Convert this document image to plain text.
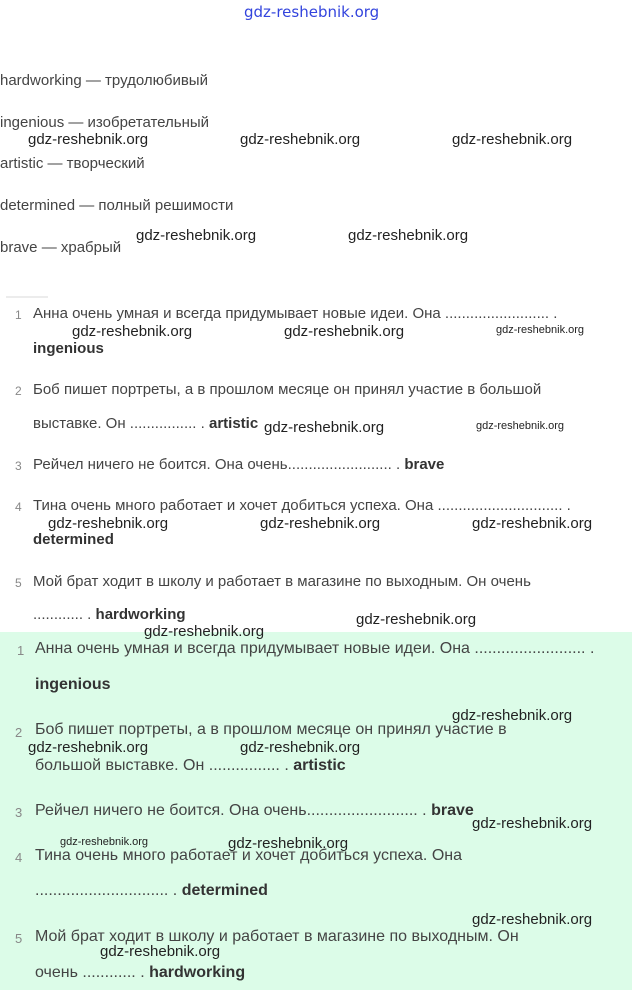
gdz-reshebnik.org
hardworking — трудолюбивый
ingenious — изобретательный
artistic — творческий
determined — полный решимости
brave — храбрый
1 Анна очень умная и всегда придумывает новые идеи. Она ......................... .
ingenious
2 Боб пишет портреты, а в прошлом месяце он принял участие в большой
выставке. Он ................ . artistic
3 Рейчел ничего не боится. Она очень......................... . brave
4 Тина очень много работает и хочет добиться успеха. Она .............................. .
determined
5 Мой брат ходит в школу и работает в магазине по выходным. Он очень
............ . hardworking
1 Анна очень умная и всегда придумывает новые идеи. Она ......................... .
ingenious
2 Боб пишет портреты, а в прошлом месяце он принял участие в
большой выставке. Он ................ . artistic
3 Рейчел ничего не боится. Она очень......................... . brave
4 Тина очень много работает и хочет добиться успеха. Она
.............................. . determined
5 Мой брат ходит в школу и работает в магазине по выходным. Он
очень ............ . hardworking
gdz-reshebnik.org	gdz-reshebnik.org	gdz-reshebnik.org
gdz-reshebnik.org	gdz-reshebnik.org
gdz-reshebnik.org	gdz-reshebnik.org	gdz-reshebnik.org
gdz-reshebnik.org	gdz-reshebnik.org
gdz-reshebnik.org	gdz-reshebnik.org	gdz-reshebnik.org
gdz-reshebnik.org
gdz-reshebnik.org
gdz-reshebnik.org
gdz-reshebnik.org	gdz-reshebnik.org
gdz-reshebnik.org
gdz-reshebnik.org	gdz-reshebnik.org
gdz-reshebnik.org
gdz-reshebnik.org
